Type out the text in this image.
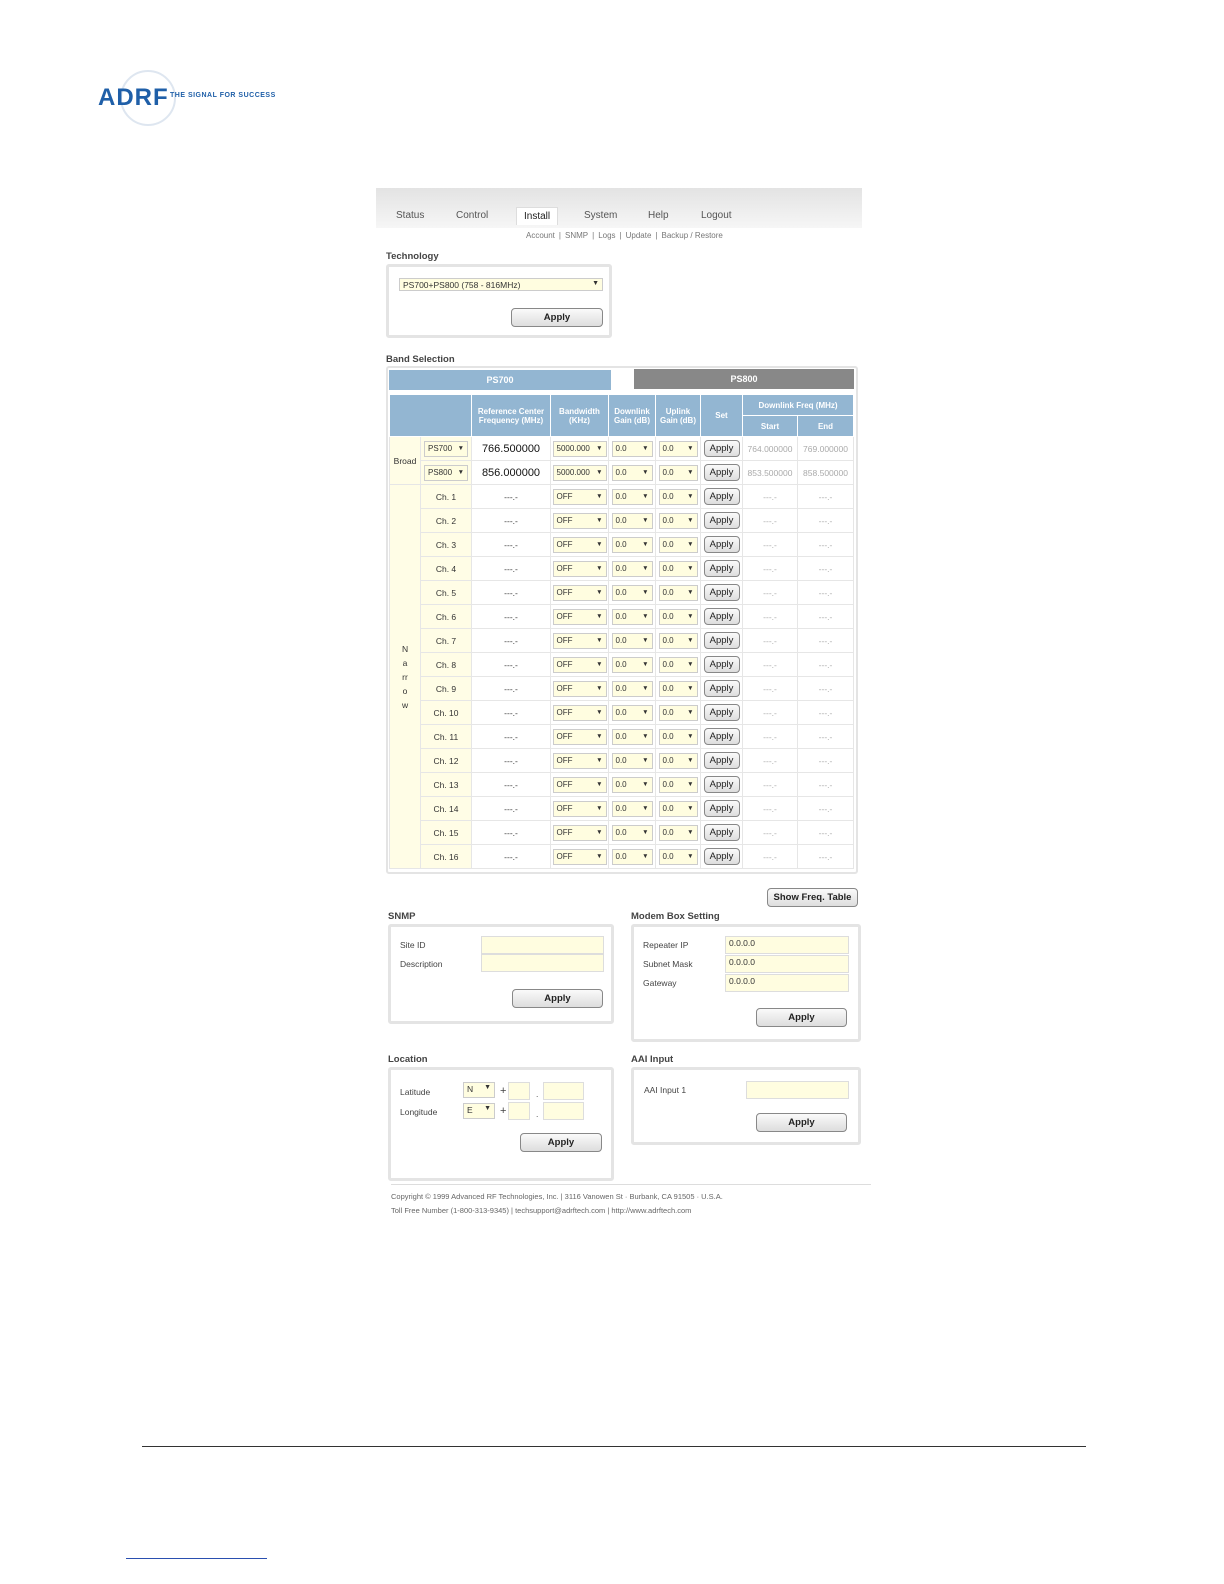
ADRF THE SIGNAL FOR SUCCESS
Status	Control	Install	System	Help	Logout
Account | SNMP | Logs | Update | Backup / Restore
Technology
PS700+PS800 (758 - 816MHz) ▼
Apply
Band Selection
PS700	PS800
		Reference Center Frequency (MHz)	Bandwidth (KHz)	Downlink Gain (dB)	Uplink Gain (dB)	Set	Downlink Freq (MHz)	
							Start	End
Broad	PS700 ▼	766.500000	5000.000 ▼	0.0 ▼	0.0 ▼	Apply	764.000000	769.000000

	PS800 ▼	856.000000	5000.000 ▼	0.0 ▼	0.0 ▼	Apply	853.500000	858.500000
Narrow	Ch. 1	---.-	OFF ▼	0.0 ▼	0.0 ▼	Apply	---.-	---.-
	Ch. 2	---.-	OFF ▼	0.0 ▼	0.0 ▼	Apply	---.-	---.-
	Ch. 3	---.-	OFF ▼	0.0 ▼	0.0 ▼	Apply	---.-	---.-
	Ch. 4	---.-	OFF ▼	0.0 ▼	0.0 ▼	Apply	---.-	---.-
	Ch. 5	---.-	OFF ▼	0.0 ▼	0.0 ▼	Apply	---.-	---.-
	Ch. 6	---.-	OFF ▼	0.0 ▼	0.0 ▼	Apply	---.-	---.-
	Ch. 7	---.-	OFF ▼	0.0 ▼	0.0 ▼	Apply	---.-	---.-
	Ch. 8	---.-	OFF ▼	0.0 ▼	0.0 ▼	Apply	---.-	---.-
	Ch. 9	---.-	OFF ▼	0.0 ▼	0.0 ▼	Apply	---.-	---.-
	Ch. 10	---.-	OFF ▼	0.0 ▼	0.0 ▼	Apply	---.-	---.-
	Ch. 11	---.-	OFF ▼	0.0 ▼	0.0 ▼	Apply	---.-	---.-
	Ch. 12	---.-	OFF ▼	0.0 ▼	0.0 ▼	Apply	---.-	---.-
	Ch. 13	---.-	OFF ▼	0.0 ▼	0.0 ▼	Apply	---.-	---.-
	Ch. 14	---.-	OFF ▼	0.0 ▼	0.0 ▼	Apply	---.-	---.-
	Ch. 15	---.-	OFF ▼	0.0 ▼	0.0 ▼	Apply	---.-	---.-
	Ch. 16	---.-	OFF ▼	0.0 ▼	0.0 ▼	Apply	---.-	---.-
Show Freq. Table
SNMP
Site ID
Description
Apply
Modem Box Setting
Repeater IP	0.0.0.0
Subnet Mask	0.0.0.0
Gateway	0.0.0.0
Apply
Location
Latitude	N ▼	+	.
Longitude	E ▼	+	.
Apply
AAI Input
AAI Input 1
Apply
Copyright © 1999 Advanced RF Technologies, Inc. | 3116 Vanowen St · Burbank, CA 91505 · U.S.A.
Toll Free Number (1-800-313-9345) | techsupport@adrftech.com | http://www.adrftech.com
